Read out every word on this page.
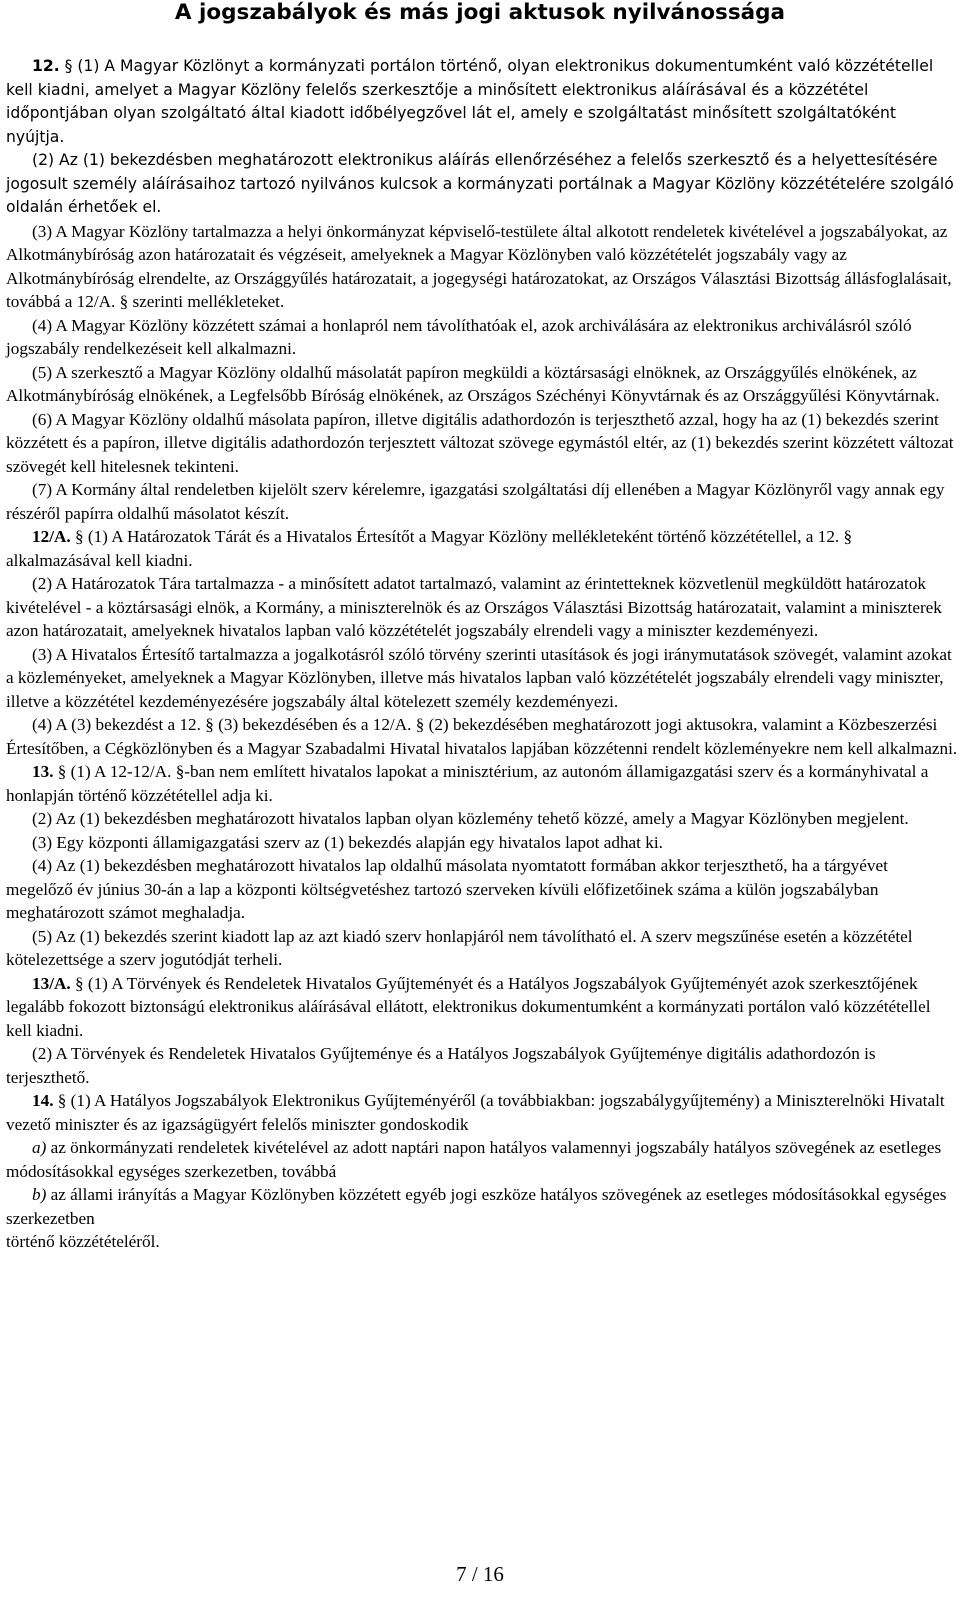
A jogszabályok és más jogi aktusok nyilvánossága

12. § (1) A Magyar Közlönyt a kormányzati portálon történő, olyan elektronikus dokumentumként való közzététellel kell kiadni, amelyet a Magyar Közlöny felelős szerkesztője a minősített elektronikus aláírásával és a közzététel időpontjában olyan szolgáltató által kiadott időbélyegzővel lát el, amely e szolgáltatást minősített szolgáltatóként nyújtja.

(2) Az (1) bekezdésben meghatározott elektronikus aláírás ellenőrzéséhez a felelős szerkesztő és a helyettesítésére jogosult személy aláírásaihoz tartozó nyilvános kulcsok a kormányzati portálnak a Magyar Közlöny közzétételére szolgáló oldalán érhetőek el.

(3) A Magyar Közlöny tartalmazza a helyi önkormányzat képviselő-testülete által alkotott rendeletek kivételével a jogszabályokat, az Alkotmánybíróság azon határozatait és végzéseit, amelyeknek a Magyar Közlönyben való közzétételét jogszabály vagy az Alkotmánybíróság elrendelte, az Országgyűlés határozatait, a jogegységi határozatokat, az Országos Választási Bizottság állásfoglalásait, továbbá a 12/A. § szerinti mellékleteket.

(4) A Magyar Közlöny közzétett számai a honlapról nem távolíthatóak el, azok archiválására az elektronikus archiválásról szóló jogszabály rendelkezéseit kell alkalmazni.

(5) A szerkesztő a Magyar Közlöny oldalhű másolatát papíron megküldi a köztársasági elnöknek, az Országgyűlés elnökének, az Alkotmánybíróság elnökének, a Legfelsőbb Bíróság elnökének, az Országos Széchényi Könyvtárnak és az Országgyűlési Könyvtárnak.

(6) A Magyar Közlöny oldalhű másolata papíron, illetve digitális adathordozón is terjeszthető azzal, hogy ha az (1) bekezdés szerint közzétett és a papíron, illetve digitális adathordozón terjesztett változat szövege egymástól eltér, az (1) bekezdés szerint közzétett változat szövegét kell hitelesnek tekinteni.

(7) A Kormány által rendeletben kijelölt szerv kérelemre, igazgatási szolgáltatási díj ellenében a Magyar Közlönyről vagy annak egy részéről papírra oldalhű másolatot készít.

12/A. § (1) A Határozatok Tárát és a Hivatalos Értesítőt a Magyar Közlöny mellékleteként történő közzététellel, a 12. § alkalmazásával kell kiadni.

(2) A Határozatok Tára tartalmazza - a minősített adatot tartalmazó, valamint az érintetteknek közvetlenül megküldött határozatok kivételével - a köztársasági elnök, a Kormány, a miniszterelnök és az Országos Választási Bizottság határozatait, valamint a miniszterek azon határozatait, amelyeknek hivatalos lapban való közzétételét jogszabály elrendeli vagy a miniszter kezdeményezi.

(3) A Hivatalos Értesítő tartalmazza a jogalkotásról szóló törvény szerinti utasítások és jogi iránymutatások szövegét, valamint azokat a közleményeket, amelyeknek a Magyar Közlönyben, illetve más hivatalos lapban való közzétételét jogszabály elrendeli vagy miniszter, illetve a közzététel kezdeményezésére jogszabály által kötelezett személy kezdeményezi.

(4) A (3) bekezdést a 12. § (3) bekezdésében és a 12/A. § (2) bekezdésében meghatározott jogi aktusokra, valamint a Közbeszerzési Értesítőben, a Cégközlönyben és a Magyar Szabadalmi Hivatal hivatalos lapjában közzétenni rendelt közleményekre nem kell alkalmazni.

13. § (1) A 12-12/A. §-ban nem említett hivatalos lapokat a minisztérium, az autonóm államigazgatási szerv és a kormányhivatal a honlapján történő közzététellel adja ki.

(2) Az (1) bekezdésben meghatározott hivatalos lapban olyan közlemény tehető közzé, amely a Magyar Közlönyben megjelent.

(3) Egy központi államigazgatási szerv az (1) bekezdés alapján egy hivatalos lapot adhat ki.

(4) Az (1) bekezdésben meghatározott hivatalos lap oldalhű másolata nyomtatott formában akkor terjeszthető, ha a tárgyévet megelőző év június 30-án a lap a központi költségvetéshez tartozó szerveken kívüli előfizetőinek száma a külön jogszabályban meghatározott számot meghaladja.

(5) Az (1) bekezdés szerint kiadott lap az azt kiadó szerv honlapjáról nem távolítható el. A szerv megszűnése esetén a közzététel kötelezettsége a szerv jogutódját terheli.

13/A. § (1) A Törvények és Rendeletek Hivatalos Gyűjteményét és a Hatályos Jogszabályok Gyűjteményét azok szerkesztőjének legalább fokozott biztonságú elektronikus aláírásával ellátott, elektronikus dokumentumként a kormányzati portálon való közzététellel kell kiadni.

(2) A Törvények és Rendeletek Hivatalos Gyűjteménye és a Hatályos Jogszabályok Gyűjteménye digitális adathordozón is terjeszthető.

14. § (1) A Hatályos Jogszabályok Elektronikus Gyűjteményéről (a továbbiakban: jogszabálygyűjtemény) a Miniszterelnöki Hivatalt vezető miniszter és az igazságügyért felelős miniszter gondoskodik

a) az önkormányzati rendeletek kivételével az adott naptári napon hatályos valamennyi jogszabály hatályos szövegének az esetleges módosításokkal egységes szerkezetben, továbbá

b) az állami irányítás a Magyar Közlönyben közzétett egyéb jogi eszköze hatályos szövegének az esetleges módosításokkal egységes szerkezetben

történő közzétételéről.

7 / 16
